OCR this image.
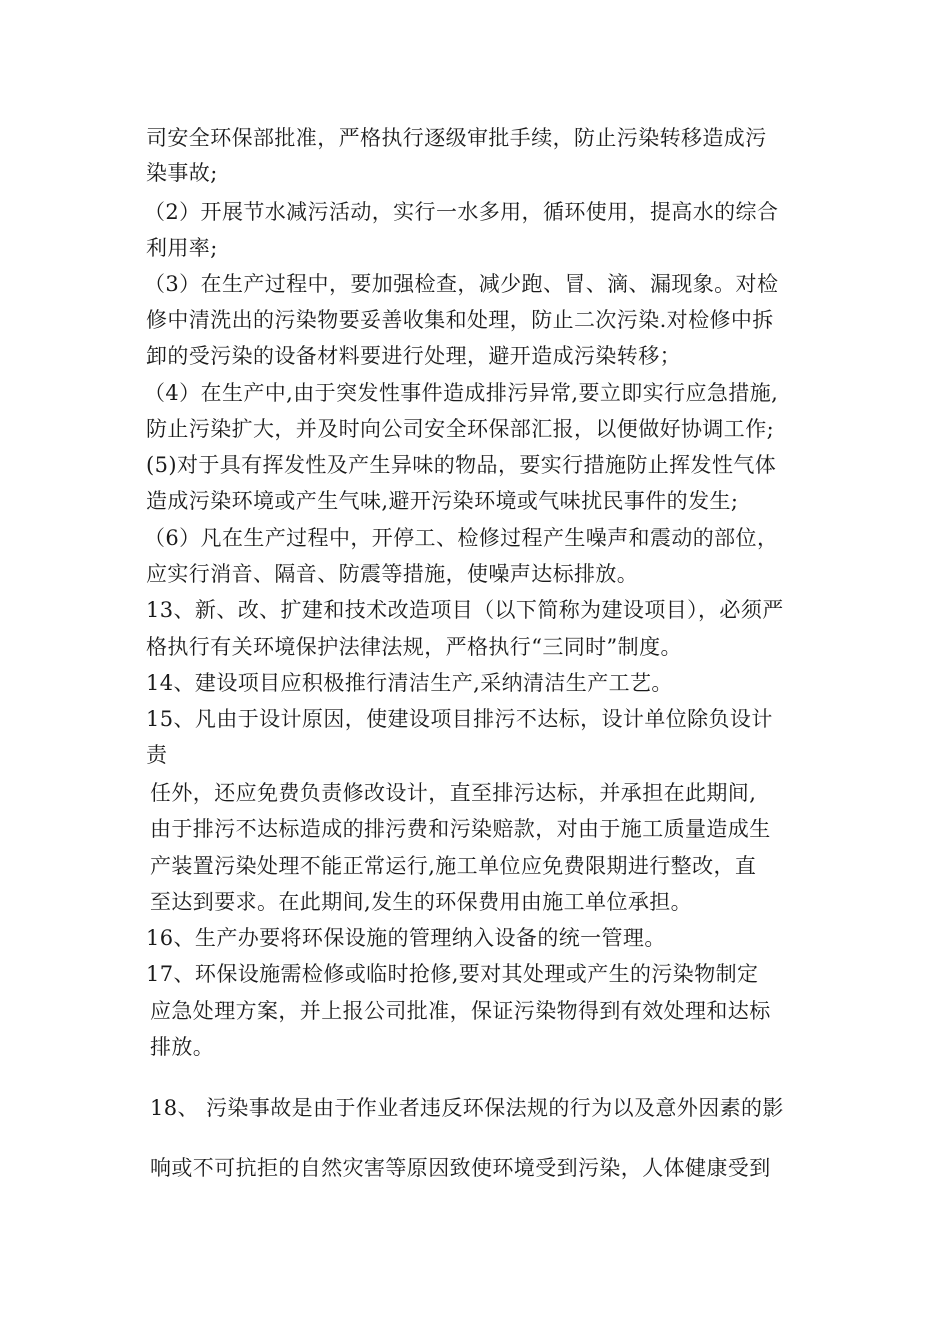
司安全环保部批准，严格执行逐级审批手续，防止污染转移造成污
染事故;
（2）开展节水减污活动，实行一水多用，循环使用，提高水的综合
利用率;
（3）在生产过程中，要加强检查，减少跑、冒、滴、漏现象。对检
修中清洗出的污染物要妥善收集和处理，防止二次污染.对检修中拆
卸的受污染的设备材料要进行处理，避开造成污染转移；
（4）在生产中,由于突发性事件造成排污异常,要立即实行应急措施,
防止污染扩大，并及时向公司安全环保部汇报，以便做好协调工作;
(5)对于具有挥发性及产生异味的物品，要实行措施防止挥发性气体
造成污染环境或产生气味,避开污染环境或气味扰民事件的发生;
（6）凡在生产过程中，开停工、检修过程产生噪声和震动的部位，
应实行消音、隔音、防震等措施，使噪声达标排放。
13、新、改、扩建和技术改造项目（以下简称为建设项目），必须严
格执行有关环境保护法律法规，严格执行“三同时”制度。
14、建设项目应积极推行清洁生产,采纳清洁生产工艺。
15、凡由于设计原因，使建设项目排污不达标，设计单位除负设计
责
任外，还应免费负责修改设计，直至排污达标，并承担在此期间,
由于排污不达标造成的排污费和污染赔款，对由于施工质量造成生
产装置污染处理不能正常运行,施工单位应免费限期进行整改，直
至达到要求。在此期间,发生的环保费用由施工单位承担。
16、生产办要将环保设施的管理纳入设备的统一管理。
17、环保设施需检修或临时抢修,要对其处理或产生的污染物制定
应急处理方案，并上报公司批准，保证污染物得到有效处理和达标
排放。
18、 污染事故是由于作业者违反环保法规的行为以及意外因素的影
响或不可抗拒的自然灾害等原因致使环境受到污染，人体健康受到
